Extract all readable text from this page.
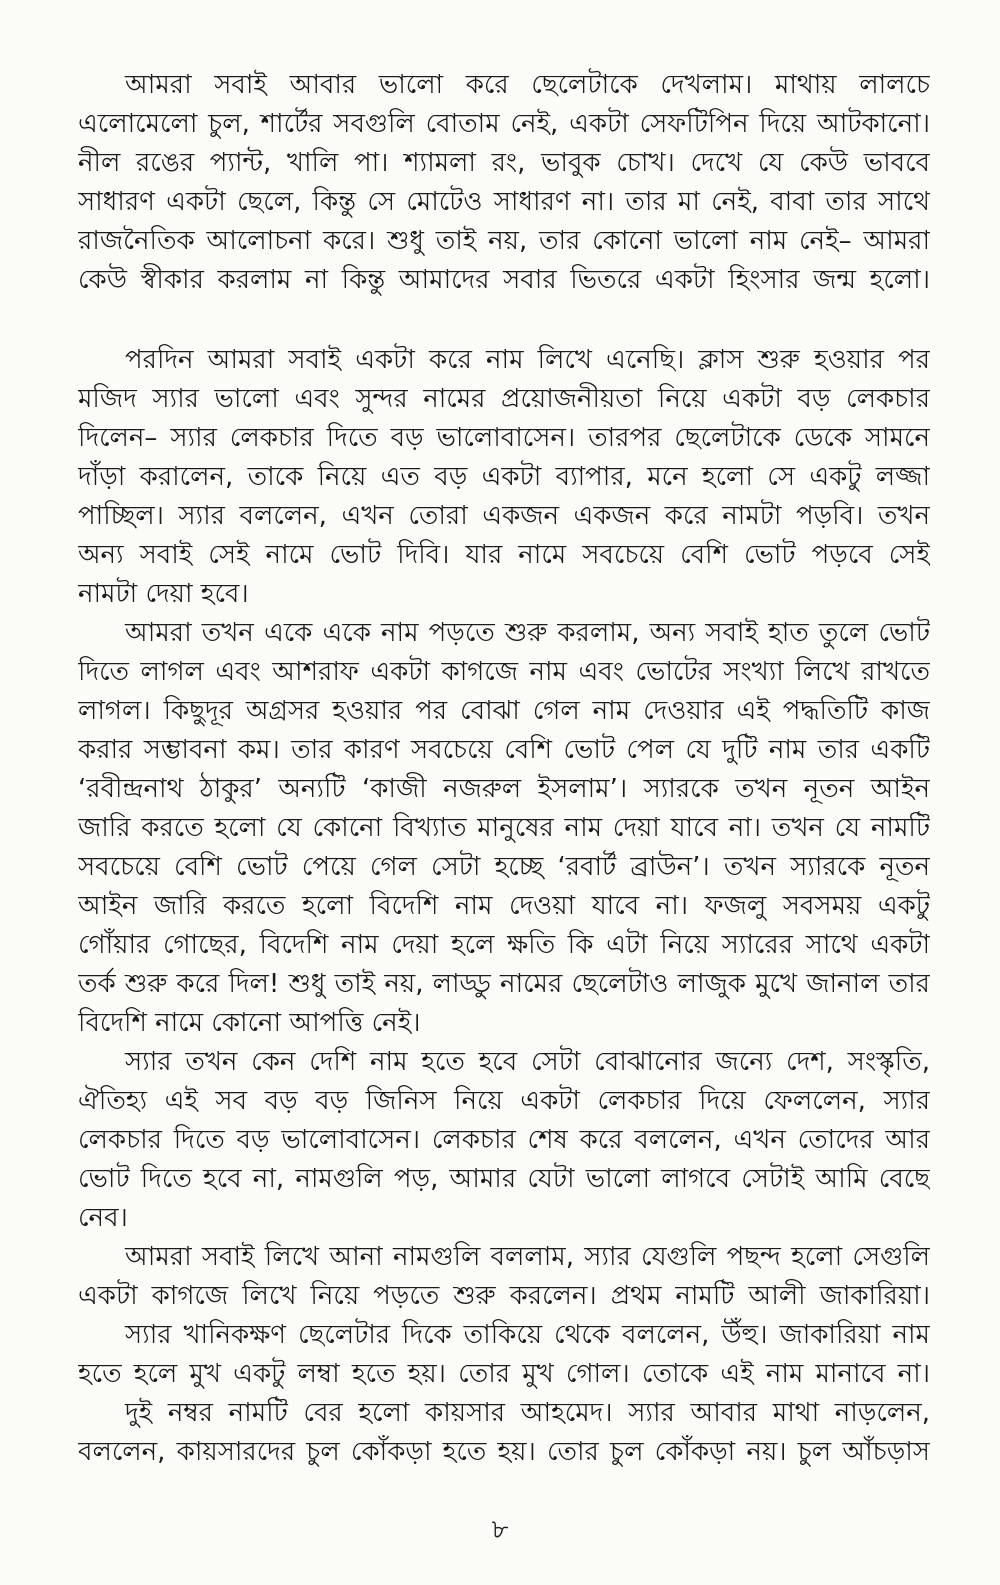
আমরা সবাই আবার ভালো করে ছেলেটাকে দেখলাম। মাথায় লালচে
এলোমেলো চুল, শার্টের সবগুলি বোতাম নেই, একটা সেফটিপিন দিয়ে আটকানো।
নীল রঙের প্যান্ট, খালি পা। শ্যামলা রং, ভাবুক চোখ। দেখে যে কেউ ভাববে
সাধারণ একটা ছেলে, কিন্তু সে মোটেও সাধারণ না। তার মা নেই, বাবা তার সাথে
রাজনৈতিক আলোচনা করে। শুধু তাই নয়, তার কোনো ভালো নাম নেই– আমরা
কেউ স্বীকার করলাম না কিন্তু আমাদের সবার ভিতরে একটা হিংসার জন্ম হলো।
পরদিন আমরা সবাই একটা করে নাম লিখে এনেছি। ক্লাস শুরু হওয়ার পর
মজিদ স্যার ভালো এবং সুন্দর নামের প্রয়োজনীয়তা নিয়ে একটা বড় লেকচার
দিলেন– স্যার লেকচার দিতে বড় ভালোবাসেন। তারপর ছেলেটাকে ডেকে সামনে
দাঁড়া করালেন, তাকে নিয়ে এত বড় একটা ব্যাপার, মনে হলো সে একটু লজ্জা
পাচ্ছিল। স্যার বললেন, এখন তোরা একজন একজন করে নামটা পড়বি। তখন
অন্য সবাই সেই নামে ভোট দিবি। যার নামে সবচেয়ে বেশি ভোট পড়বে সেই
নামটা দেয়া হবে।
আমরা তখন একে একে নাম পড়তে শুরু করলাম, অন্য সবাই হাত তুলে ভোট
দিতে লাগল এবং আশরাফ একটা কাগজে নাম এবং ভোটের সংখ্যা লিখে রাখতে
লাগল। কিছুদূর অগ্রসর হওয়ার পর বোঝা গেল নাম দেওয়ার এই পদ্ধতিটি কাজ
করার সম্ভাবনা কম। তার কারণ সবচেয়ে বেশি ভোট পেল যে দুটি নাম তার একটি
‘রবীন্দ্রনাথ ঠাকুর’ অন্যটি ‘কাজী নজরুল ইসলাম’। স্যারকে তখন নূতন আইন
জারি করতে হলো যে কোনো বিখ্যাত মানুষের নাম দেয়া যাবে না। তখন যে নামটি
সবচেয়ে বেশি ভোট পেয়ে গেল সেটা হচ্ছে ‘রবার্ট ব্রাউন’। তখন স্যারকে নূতন
আইন জারি করতে হলো বিদেশি নাম দেওয়া যাবে না। ফজলু সবসময় একটু
গোঁয়ার গোছের, বিদেশি নাম দেয়া হলে ক্ষতি কি এটা নিয়ে স্যারের সাথে একটা
তর্ক শুরু করে দিল! শুধু তাই নয়, লাড্ডু নামের ছেলেটাও লাজুক মুখে জানাল তার
বিদেশি নামে কোনো আপত্তি নেই।
স্যার তখন কেন দেশি নাম হতে হবে সেটা বোঝানোর জন্যে দেশ, সংস্কৃতি,
ঐতিহ্য এই সব বড় বড় জিনিস নিয়ে একটা লেকচার দিয়ে ফেললেন, স্যার
লেকচার দিতে বড় ভালোবাসেন। লেকচার শেষ করে বললেন, এখন তোদের আর
ভোট দিতে হবে না, নামগুলি পড়, আমার যেটা ভালো লাগবে সেটাই আমি বেছে
নেব।
আমরা সবাই লিখে আনা নামগুলি বললাম, স্যার যেগুলি পছন্দ হলো সেগুলি
একটা কাগজে লিখে নিয়ে পড়তে শুরু করলেন। প্রথম নামটি আলী জাকারিয়া।
স্যার খানিকক্ষণ ছেলেটার দিকে তাকিয়ে থেকে বললেন, উঁহু। জাকারিয়া নাম
হতে হলে মুখ একটু লম্বা হতে হয়। তোর মুখ গোল। তোকে এই নাম মানাবে না।
দুই নম্বর নামটি বের হলো কায়সার আহমেদ। স্যার আবার মাথা নাড়লেন,
বললেন, কায়সারদের চুল কোঁকড়া হতে হয়। তোর চুল কোঁকড়া নয়। চুল আঁচড়াস
৮
